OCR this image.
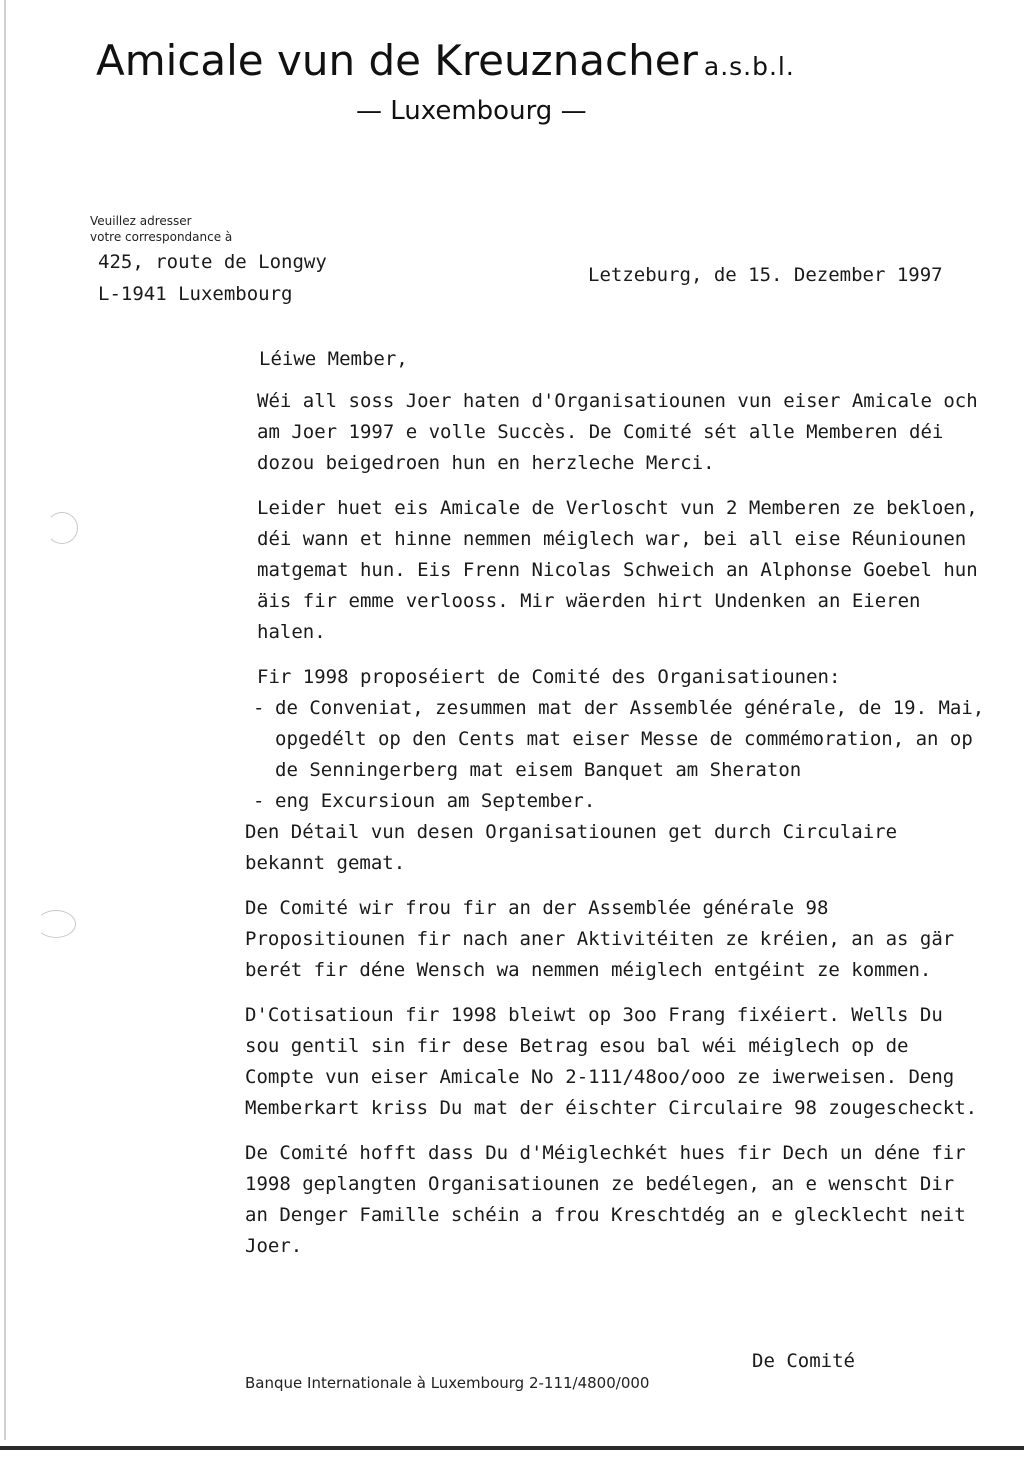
Amicale vun de Kreuznacher a.s.b.l.
— Luxembourg —
Veuillez adresser
votre correspondance à
425, route de Longwy
L-1941 Luxembourg
Letzeburg, de 15. Dezember 1997
Léiwe Member,
Wéi all soss Joer haten d'Organisatiounen vun eiser Amicale och am Joer 1997 e volle Succès. De Comité sét alle Memberen déi dozou beigedroen hun en herzleche Merci.
Leider huet eis Amicale de Verloscht vun 2 Memberen ze bekloen, déi wann et hinne nemmen méiglech war, bei all eise Réuniounen matgemat hun. Eis Frenn Nicolas Schweich an Alphonse Goebel hun äis fir emme verlooss. Mir wäerden hirt Undenken an Eieren halen.
Fir 1998 proposéiert de Comité des Organisatiounen:
- de Conveniat, zesummen mat der Assemblée générale, de 19. Mai, opgedélt op den Cents mat eiser Messe de commémoration, an op de Senningerberg mat eisem Banquet am Sheraton
- eng Excursioun am September.
Den Détail vun desen Organisatiounen get durch Circulaire bekannt gemat.
De Comité wir frou fir an der Assemblée générale 98 Propositiounen fir nach aner Aktivitéiten ze kréien, an as gär berét fir déne Wensch wa nemmen méiglech entgéint ze kommen.
D'Cotisatioun fir 1998 bleiwt op 3oo Frang fixéiert. Wells Du sou gentil sin fir dese Betrag esou bal wéi méiglech op de Compte vun eiser Amicale No 2-111/48oo/ooo ze iwerweisen. Deng Memberkart kriss Du mat der éischter Circulaire 98 zougescheckt.
De Comité hofft dass Du d'Méiglechkét hues fir Dech un déne fir 1998 geplangten Organisatiounen ze bedélegen, an e wenscht Dir an Denger Famille schéin a frou Kreschtdég an e glecklecht neit Joer.
De Comité
Banque Internationale à Luxembourg 2-111/4800/000
